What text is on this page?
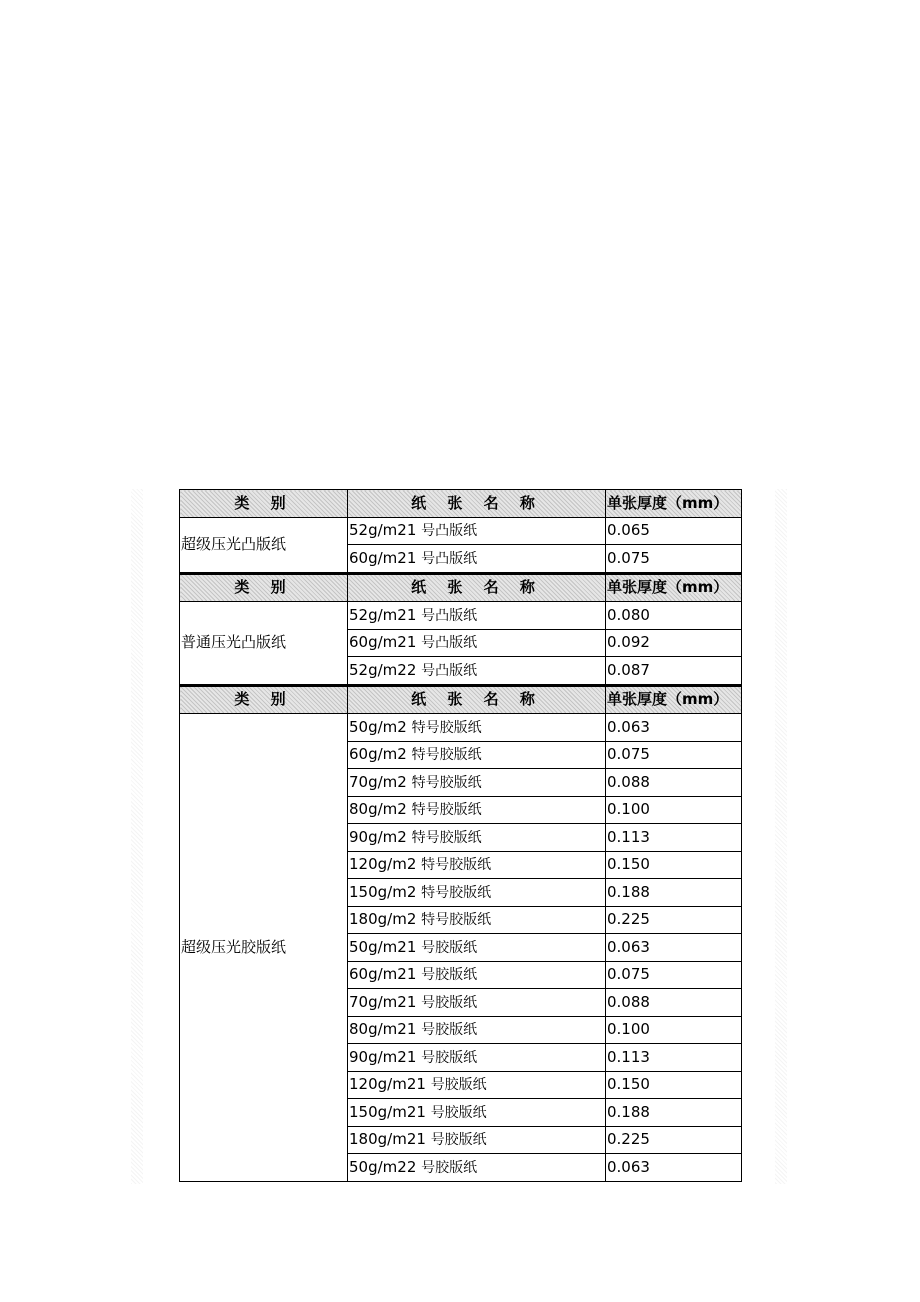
类 别	纸 张 名 称	单张厚度（mm）
超级压光凸版纸	52g/m21 号凸版纸	0.065
	60g/m21 号凸版纸	0.075
类 别	纸 张 名 称	单张厚度（mm）
普通压光凸版纸	52g/m21 号凸版纸	0.080
	60g/m21 号凸版纸	0.092
	52g/m22 号凸版纸	0.087
类 别	纸 张 名 称	单张厚度（mm）
超级压光胶版纸	50g/m2 特号胶版纸	0.063
	60g/m2 特号胶版纸	0.075
	70g/m2 特号胶版纸	0.088
	80g/m2 特号胶版纸	0.100
	90g/m2 特号胶版纸	0.113
	120g/m2 特号胶版纸	0.150
	150g/m2 特号胶版纸	0.188
	180g/m2 特号胶版纸	0.225
	50g/m21 号胶版纸	0.063
	60g/m21 号胶版纸	0.075
	70g/m21 号胶版纸	0.088
	80g/m21 号胶版纸	0.100
	90g/m21 号胶版纸	0.113
	120g/m21 号胶版纸	0.150
	150g/m21 号胶版纸	0.188
	180g/m21 号胶版纸	0.225
	50g/m22 号胶版纸	0.063
